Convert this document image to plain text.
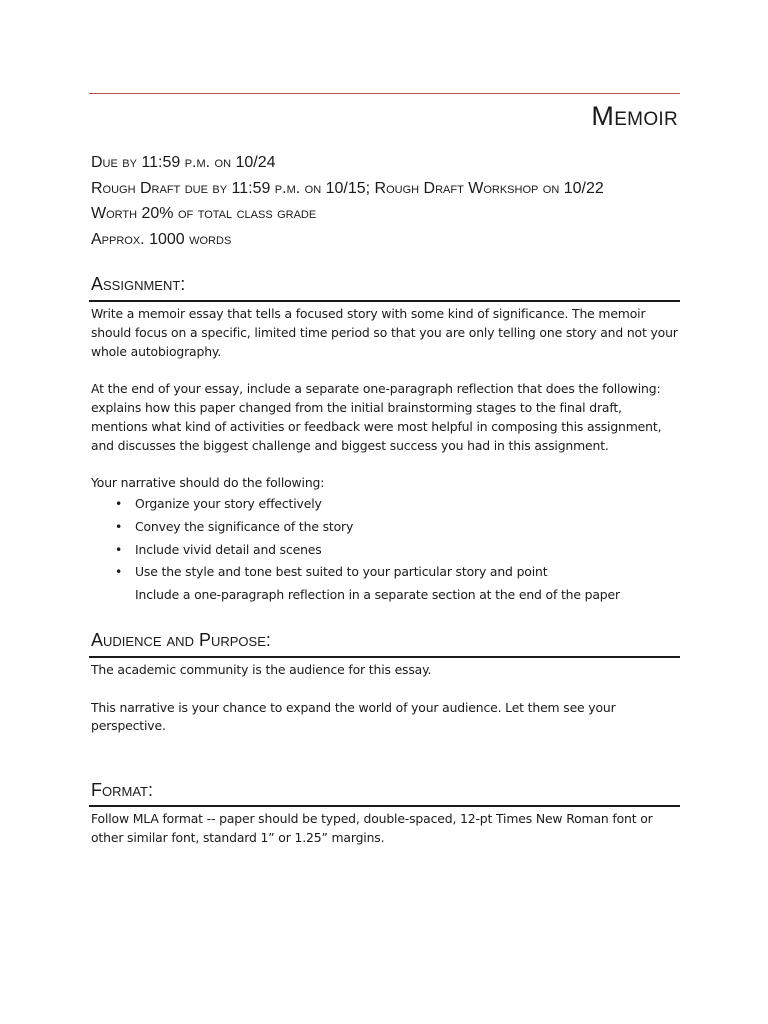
Memoir
Due by 11:59 p.m. on 10/24
Rough Draft due by 11:59 p.m. on 10/15; Rough Draft Workshop on 10/22
Worth 20% of total class grade
Approx. 1000 words
Assignment:

Write a memoir essay that tells a focused story with some kind of significance. The memoir should focus on a specific, limited time period so that you are only telling one story and not your whole autobiography.

At the end of your essay, include a separate one-paragraph reflection that does the following: explains how this paper changed from the initial brainstorming stages to the final draft, mentions what kind of activities or feedback were most helpful in composing this assignment, and discusses the biggest challenge and biggest success you had in this assignment.

Your narrative should do the following:

• Organize your story effectively
• Convey the significance of the story
• Include vivid detail and scenes
• Use the style and tone best suited to your particular story and point
Include a one-paragraph reflection in a separate section at the end of the paper
Audience and Purpose:

The academic community is the audience for this essay.

This narrative is your chance to expand the world of your audience. Let them see your perspective.

Format:

Follow MLA format -- paper should be typed, double-spaced, 12-pt Times New Roman font or other similar font, standard 1” or 1.25” margins.
